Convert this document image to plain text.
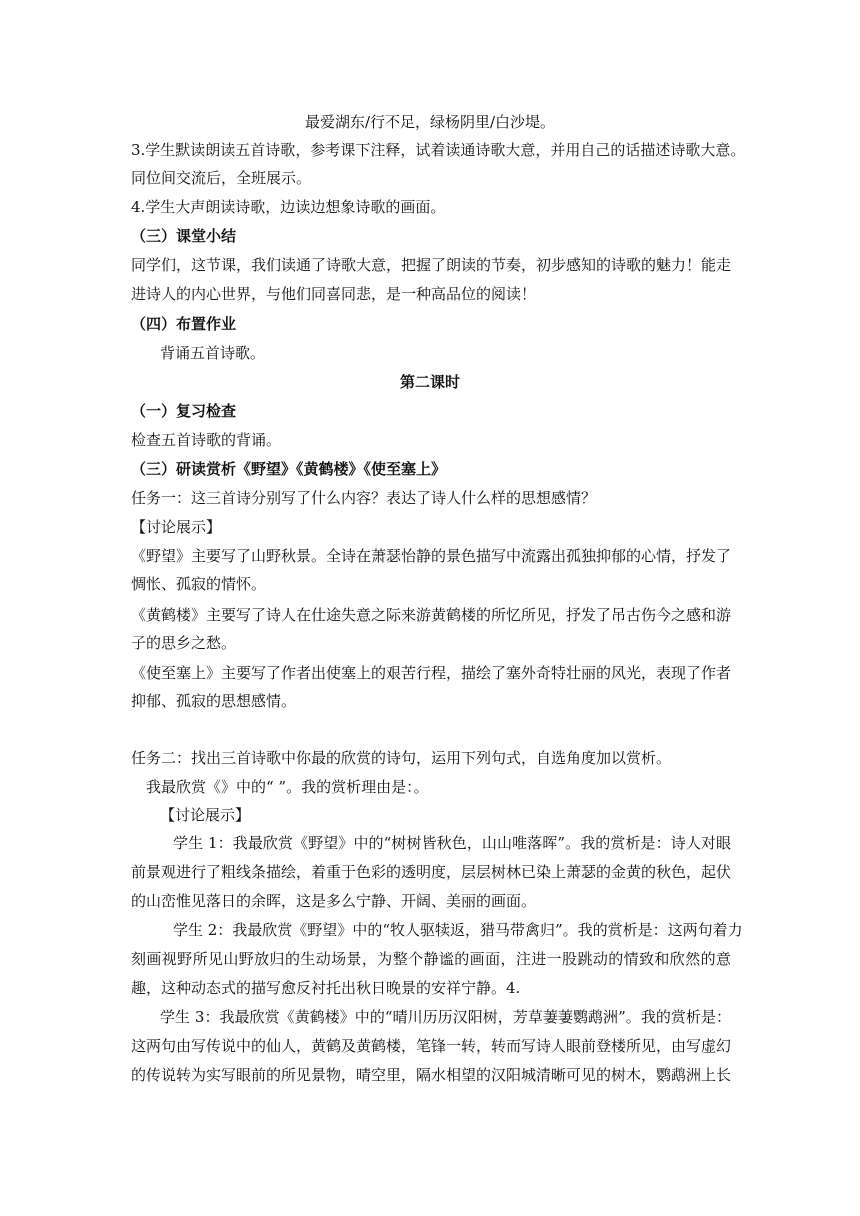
最爱湖东/行不足，绿杨阴里/白沙堤。

3.学生默读朗读五首诗歌，参考课下注释，试着读通诗歌大意，并用自己的话描述诗歌大意。

同位间交流后，全班展示。

4.学生大声朗读诗歌，边读边想象诗歌的画面。

（三）课堂小结

同学们，这节课，我们读通了诗歌大意，把握了朗读的节奏，初步感知的诗歌的魅力！能走

进诗人的内心世界，与他们同喜同悲，是一种高品位的阅读！

（四）布置作业

背诵五首诗歌。

第二课时

（一）复习检查

检查五首诗歌的背诵。

（三）研读赏析《野望》《黄鹤楼》《使至塞上》

任务一：这三首诗分别写了什么内容？表达了诗人什么样的思想感情？

【讨论展示】

《野望》主要写了山野秋景。全诗在萧瑟怡静的景色描写中流露出孤独抑郁的心情，抒发了

惆怅、孤寂的情怀。

《黄鹤楼》主要写了诗人在仕途失意之际来游黄鹤楼的所忆所见，抒发了吊古伤今之感和游

子的思乡之愁。

《使至塞上》主要写了作者出使塞上的艰苦行程，描绘了塞外奇特壮丽的风光，表现了作者

抑郁、孤寂的思想感情。

任务二：找出三首诗歌中你最的欣赏的诗句，运用下列句式，自选角度加以赏析。

我最欣赏《》中的“ ”。我的赏析理由是：。

【讨论展示】

学生 1：我最欣赏《野望》中的“树树皆秋色，山山唯落晖”。我的赏析是：诗人对眼

前景观进行了粗线条描绘，着重于色彩的透明度，层层树林已染上萧瑟的金黄的秋色，起伏

的山峦惟见落日的余晖，这是多么宁静、开阔、美丽的画面。

学生 2：我最欣赏《野望》中的“牧人驱犊返，猎马带禽归”。我的赏析是：这两句着力

刻画视野所见山野放归的生动场景，为整个静谧的画面，注进一股跳动的情致和欣然的意

趣，这种动态式的描写愈反衬托出秋日晚景的安祥宁静。4.

学生 3：我最欣赏《黄鹤楼》中的“晴川历历汉阳树，芳草萋萋鹦鹉洲”。我的赏析是：

这两句由写传说中的仙人，黄鹤及黄鹤楼，笔锋一转，转而写诗人眼前登楼所见，由写虚幻

的传说转为实写眼前的所见景物，晴空里，隔水相望的汉阳城清晰可见的树木，鹦鹉洲上长
